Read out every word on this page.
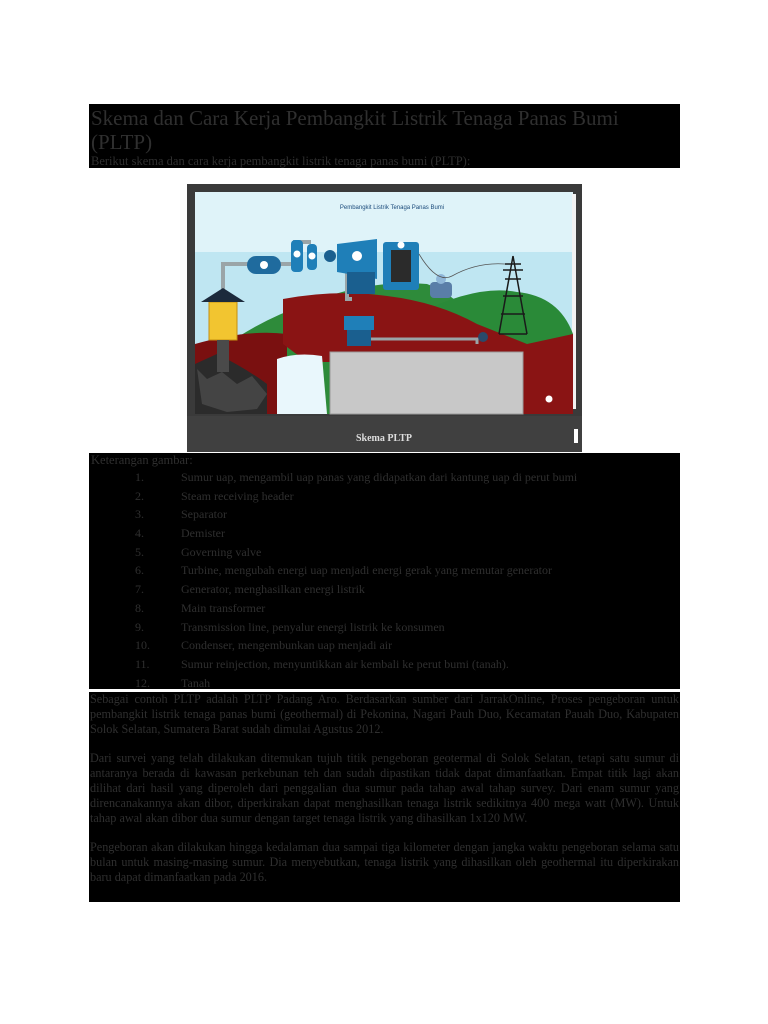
Skema dan Cara Kerja Pembangkit Listrik Tenaga Panas Bumi (PLTP)

Berikut skema dan cara kerja pembangkit listrik tenaga panas bumi (PLTP):

Pembangkit Listrik Tenaga Panas Bumi
Skema PLTP

Keterangan gambar:

1.	Sumur uap, mengambil uap panas yang didapatkan dari kantung uap di perut bumi
2.	Steam receiving header
3.	Separator
4.	Demister
5.	Governing valve
6.	Turbine, mengubah energi uap menjadi energi gerak yang memutar generator
7.	Generator, menghasilkan energi listrik
8.	Main transformer
9.	Transmission line, penyalur energi listrik ke konsumen
10.	Condenser, mengembunkan uap menjadi air
11.	Sumur reinjection, menyuntikkan air kembali ke perut bumi (tanah).
12.	Tanah

Sebagai contoh PLTP adalah PLTP Padang Aro. Berdasarkan sumber dari JarrakOnline, Proses pengeboran untuk pembangkit listrik tenaga panas bumi (geothermal) di Pekonina, Nagari Pauh Duo, Kecamatan Pauah Duo, Kabupaten Solok Selatan, Sumatera Barat sudah dimulai Agustus 2012.

Dari survei yang telah dilakukan ditemukan tujuh titik pengeboran geotermal di Solok Selatan, tetapi satu sumur di antaranya berada di kawasan perkebunan teh dan sudah dipastikan tidak dapat dimanfaatkan. Empat titik lagi akan dilihat dari hasil yang diperoleh dari penggalian dua sumur pada tahap awal tahap survey. Dari enam sumur yang direncanakannya akan dibor, diperkirakan dapat menghasilkan tenaga listrik sedikitnya 400 mega watt (MW). Untuk tahap awal akan dibor dua sumur dengan target tenaga listrik yang dihasilkan 1x120 MW.

Pengeboran akan dilakukan hingga kedalaman dua sampai tiga kilometer dengan jangka waktu pengeboran selama satu bulan untuk masing-masing sumur. Dia menyebutkan, tenaga listrik yang dihasilkan oleh geothermal itu diperkirakan baru dapat dimanfaatkan pada 2016.
